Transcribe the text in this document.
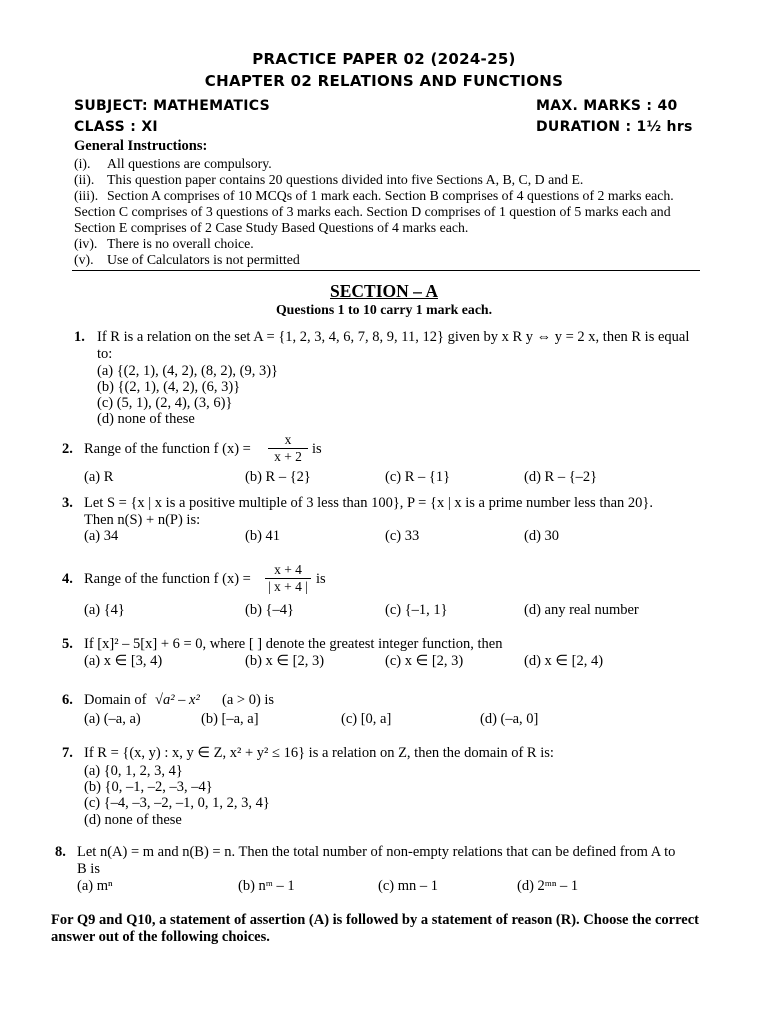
PRACTICE PAPER 02 (2024-25)
CHAPTER 02 RELATIONS AND FUNCTIONS
SUBJECT: MATHEMATICS	MAX. MARKS : 40
CLASS : XI	DURATION : 1½ hrs
General Instructions:
(i). All questions are compulsory.
(ii). This question paper contains 20 questions divided into five Sections A, B, C, D and E.
(iii). Section A comprises of 10 MCQs of 1 mark each. Section B comprises of 4 questions of 2 marks each. Section C comprises of 3 questions of 3 marks each. Section D comprises of 1 question of 5 marks each and Section E comprises of 2 Case Study Based Questions of 4 marks each.
(iv). There is no overall choice.
(v). Use of Calculators is not permitted
SECTION – A
Questions 1 to 10 carry 1 mark each.
1. If R is a relation on the set A = {1, 2, 3, 4, 6, 7, 8, 9, 11, 12} given by x R y ⇔ y = 2 x, then R is equal to:
(a) {(2, 1), (4, 2), (8, 2), (9, 3)}
(b) {(2, 1), (4, 2), (6, 3)}
(c) (5, 1), (2, 4), (3, 6)}
(d) none of these
2. Range of the function f $(x) = \frac{x}{x + 2}$ is
(a) R	(b) R – {2}	(c) R – {1}	(d) R – {–2}
3. Let S = {x | x is a positive multiple of 3 less than 100}, P = {x | x is a prime number less than 20}. Then n(S) + n(P) is:
(a) 34	(b) 41	(c) 33	(d) 30
4. Range of the function f $(x) = \frac{x + 4}{| x + 4 |}$ is
(a) {4}	(b) {–4}	(c) {–1, 1}	(d) any real number
5. If [x]² – 5[x] + 6 = 0, where [ ] denote the greatest integer function, then
(a) x ∈ [3, 4)	(b) x ∈ [2, 3)	(c) x ∈ [2, 3)	(d) x ∈ [2, 4)
6. Domain of √a² – x² (a > 0) is
(a) (–a, a)	(b) [–a, a]	(c) [0, a]	(d) (–a, 0]
7. If R = {(x, y) : x, y ∈ Z, x² + y² ≤ 16} is a relation on Z, then the domain of R is:
(a) {0, 1, 2, 3, 4}
(b) {0, –1, –2, –3, –4}
(c) {–4, –3, –2, –1, 0, 1, 2, 3, 4}
(d) none of these
8. Let n(A) = m and n(B) = n. Then the total number of non-empty relations that can be defined from A to B is
(a) mⁿ	(b) nᵐ – 1	(c) mn – 1	(d) 2ᵐⁿ – 1
For Q9 and Q10, a statement of assertion (A) is followed by a statement of reason (R). Choose the correct answer out of the following choices.
